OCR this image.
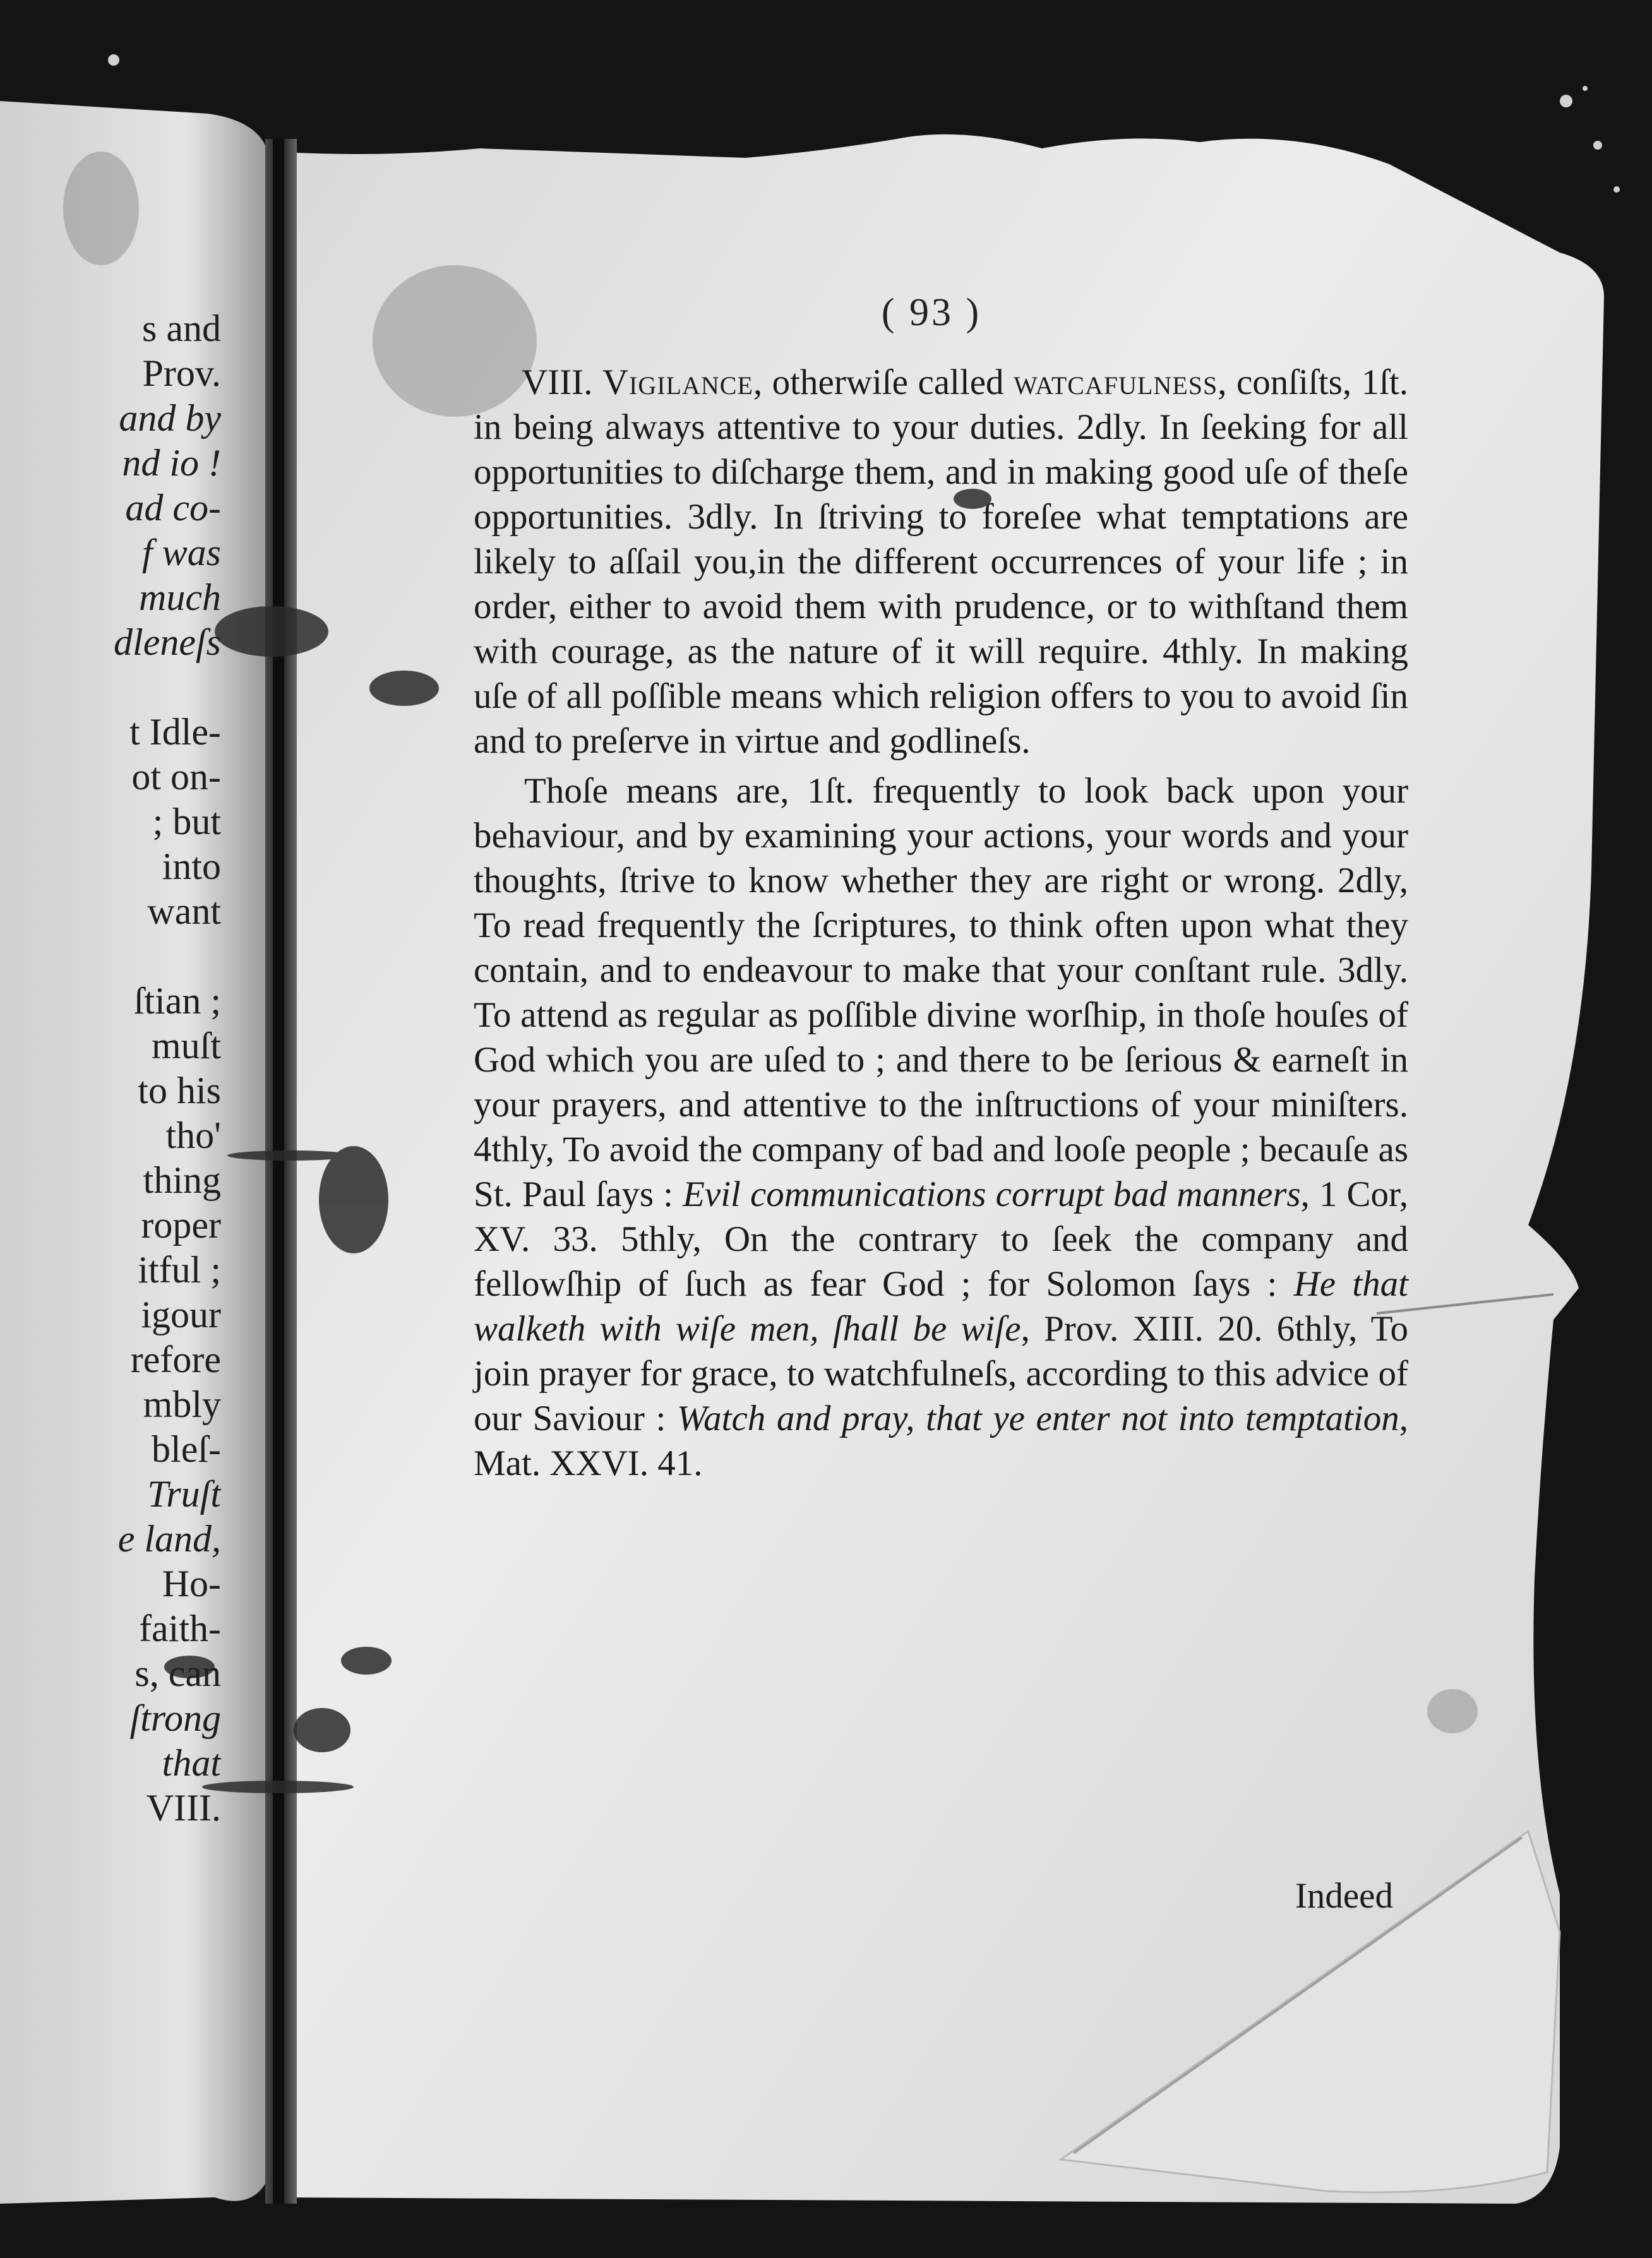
s and
Prov.
and by
nd io !
ad co-
f was
much
dleneſs
t Idle-
ot on-
; but
into
want
ſtian ;
muſt
to his
tho'
thing
roper
itful ;
igour
refore
mbly
bleſ-
Truſt
e land,
Ho-
faith-
s, can
ſtrong
that
VIII.
( 93 )

VIII. Vigilance, otherwiſe called watcafulness, conſiſts, 1ſt. in being always attentive to your duties. 2dly. In ſeeking for all opportunities to diſcharge them, and in making good uſe of theſe opportunities. 3dly. In ſtriving to foreſee what temptations are likely to aſſail you,in the different occurrences of your life ; in order, either to avoid them with prudence, or to withſtand them with courage, as the nature of it will require. 4thly. In making uſe of all poſſible means which religion offers to you to avoid ſin and to preſerve in virtue and godlineſs.

Thoſe means are, 1ſt. frequently to look back upon your behaviour, and by examining your actions, your words and your thoughts, ſtrive to know whether they are right or wrong. 2dly, To read frequently the ſcriptures, to think often upon what they contain, and to endeavour to make that your conſtant rule. 3dly. To attend as regular as poſſible divine worſhip, in thoſe houſes of God which you are uſed to ; and there to be ſerious & earneſt in your prayers, and attentive to the inſtructions of your miniſters. 4thly, To avoid the company of bad and looſe people ; becauſe as St. Paul ſays : Evil communications corrupt bad manners, 1 Cor, XV. 33. 5thly, On the contrary to ſeek the company and fellowſhip of ſuch as fear God ; for Solomon ſays : He that walketh with wiſe men, ſhall be wiſe, Prov. XIII. 20. 6thly, To join prayer for grace, to watchfulneſs, according to this advice of our Saviour : Watch and pray, that ye enter not into temptation, Mat. XXVI. 41.

Indeed
